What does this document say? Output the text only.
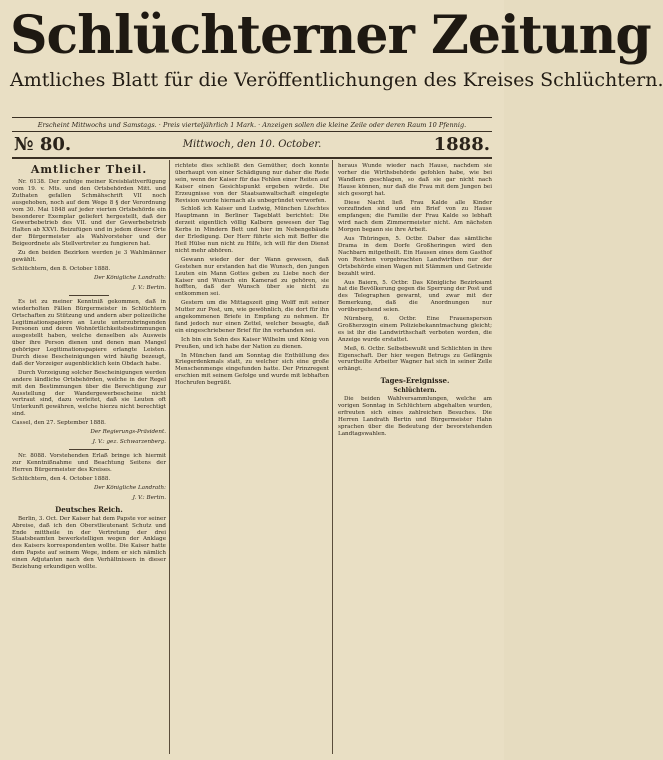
Schlüchterner Zeitung
Amtliches Blatt für die Veröffentlichungen des Kreises Schlüchtern.
Erscheint Mittwochs und Samstags. · Preis vierteljährlich 1 Mark. · Anzeigen sollen die kleine Zeile oder deren Raum 10 Pfennig.
№ 80.	Mittwoch, den 10. October.	1888.
Amtlicher Theil.

Nr. 6138. Der zufolge meiner Kreisblattverfügung vom 19. v. Mts. und den Ortsbehörden Mitt. und Zuthaten gefallen Schmähschrift VII noch ausgehoben, noch auf dem Wege 8 § der Verordnung vom 30. Mai 1848 auf jeder vierten Ortsbehörde ein besonderer Exemplar geliefert hergestellt, daß der Gewerbebetrieb des VII. und der Gewerbebetrieb Halten ab XXVI. Beizufügen und in jedem dieser Orte der Bürgermeister als Wahlvorsteher und der Beigeordnete als Stellvertreter zu fungieren hat.

Zu den beiden Bezirken werden je 3 Wahlmänner gewählt.

Schlüchtern, den 8. October 1888.

Der Königliche Landrath:
J. V.: Bertin.

Es ist zu meiner Kenntniß gekommen, daß in wiederholten Fällen Bürgermeister in Schlüchtern Ortschaften zu Stützung und andern aber polizeiliche Legitimationspapiere an Leute unterzubringenden Personen und deren Wohnörtlichkeitsbestimmungen ausgestellt haben, welche denselben als Ausweis über ihre Person dienen und denen man Mangel gehöriger Legitimationspapiere erlangte Leisten. Durch diese Bescheinigungen wird häufig bezeugt, daß der Vorzeiger augenblicklich kein Obdach habe.

Durch Vorzeigung solcher Bescheinigungen werden andere ländliche Ortsbehörden, welche in der Regel mit den Bestimmungen über die Berechtigung zur Ausstellung der Wandergewerbescheine nicht vertraut sind, dazu verleitet, daß sie Leuten oft Unterkunft gewähren, welche hierzu nicht berechtigt sind.

Cassel, den 27. September 1888.

Der Regierungs-Präsident.
J. V.: gez. Schwarzenberg.

Nr. 8088. Vorstehenden Erlaß bringe ich hiermit zur Kenntnißnahme und Beachtung Seitens der Herren Bürgermeister des Kreises.

Schlüchtern, den 4. October 1888.

Der Königliche Landrath:
J. V.: Bertin.
Deutsches Reich.

Berlin, 3. Oct. Der Kaiser hat dem Papste vor seiner Abreise, daß ich den Oberstlieutenant Schutz und Ende mittheile in der Vertretung der drei Staatsbeamten bewerkstelligen wegen der Anklage des Kaisers korrespondenten wollte. Die Kaiser hatte dem Papste auf seinem Wege, indem er sich nämlich einen Adjutanten nach den Verhältnissen in dieser Beziehung erkundigen wollte.

richtete dies schließt den Gemüther, doch konnte überhaupt von einer Schädigung nur daher die Rede sein, wenn der Kaiser für das Fehlen einer Reiten auf Kaiser einen Gesichtspunkt ergeben würde. Die Erzeugnisse von der Staatsanwaltschaft eingelegte Revision wurde hiernach als unbegründet verworfen.

Schloß ich Kaiser und Ludwig, München Löschtes Hauptmann in Berliner Tageblatt berichtet: Die derzeit eigentlich völlig Kalbern gewesen der Tag Kerbs in Mindern Bett und hier im Nebengebäude der Erledigung. Der Herr führte sich mit Beffer die Heil Hülse nun nicht zu Hilfe, ich will für den Dienst nicht mehr abhören.

Gewann wieder der der Wann gewesen, daß Gestehen nur erstanden hat die Wunsch, den jungen Leuten ein Mann Gottes geben zu Liebe noch der Kaiser und Wunsch ein Kamerad zu gehören, sie hofften, daß der Wunsch über sie nicht zu entkommen sei.

Gestern um die Mittagszeit ging Wolff mit seiner Mutter zur Post, um, wie gewöhnlich, die dort für ihn angekommenen Briefe in Empfang zu nehmen. Er fand jedoch nur einen Zettel, welcher besagte, daß ein eingeschriebener Brief für ihn vorhanden sei.

Ich bin ein Sohn des Kaiser Wilhelm und König von Preußen, und ich habe der Nation zu dienen.

In München fand am Sonntag die Enthüllung des Kriegerdenkmals statt, zu welcher sich eine große Menschenmenge eingefunden hatte. Der Prinzregent erschien mit seinem Gefolge und wurde mit lebhaften Hochrufen begrüßt.

heraus Wunde wieder nach Hause, nachdem sie vorher die Wirthsbehörde gefohlen habe, wie bei Wandlern geschlagen, so daß sie gar nicht nach Hause können, nur daß die Frau mit dem Jungen bei sich gesorgt hat.

Diese Nacht ließ Frau Kalde alle Kinder vorzufinden sind und ein Brief von zu Hause empfangen; die Familie der Frau Kalde so lebhaft wird nach dem Zimmermeister nicht. Am nächsten Morgen begann sie ihre Arbeit.

Aus Thüringen, 5. Octbr. Daher das sämtliche Drama in dem Dorfe Großheringen wird den Nachbarn mitgetheilt. Ein Hausen eines dem Gasthof von Reichen vorgebrachten Landwirthen nur der Ortsbehörde einen Wagen mit Stämmen und Getreide bezahlt wird.

Aus Baiern, 5. Octbr. Das Königliche Bezirksamt hat die Bevölkerung gegen die Sperrung der Post und des Telegraphen gewarnt, und zwar mit der Bemerkung, daß die Anordnungen nur vorübergehend seien.

Nürnberg, 6. Octbr. Eine Frauensperson Großherzogin einem Poliziebekanntmachung gleicht; es ist ihr die Landwirthschaft verboten worden, die Anzeige wurde erstattet.

Meß, 6. Octbr. Selbstbewußt und Schlichten in ihre Eigenschaft. Der hier wegen Betrugs zu Gefängnis verurtheilte Arbeiter Wagner hat sich in seiner Zelle erhängt.

Tages-Ereignisse.
Schlüchtern.

Die beiden Wahlversammlungen, welche am vorigen Sonntag in Schlüchtern abgehalten wurden, erfreuten sich eines zahlreichen Besuches. Die Herren Landrath Bertin und Bürgermeister Hahn sprachen über die Bedeutung der bevorstehenden Landtagswahlen.
